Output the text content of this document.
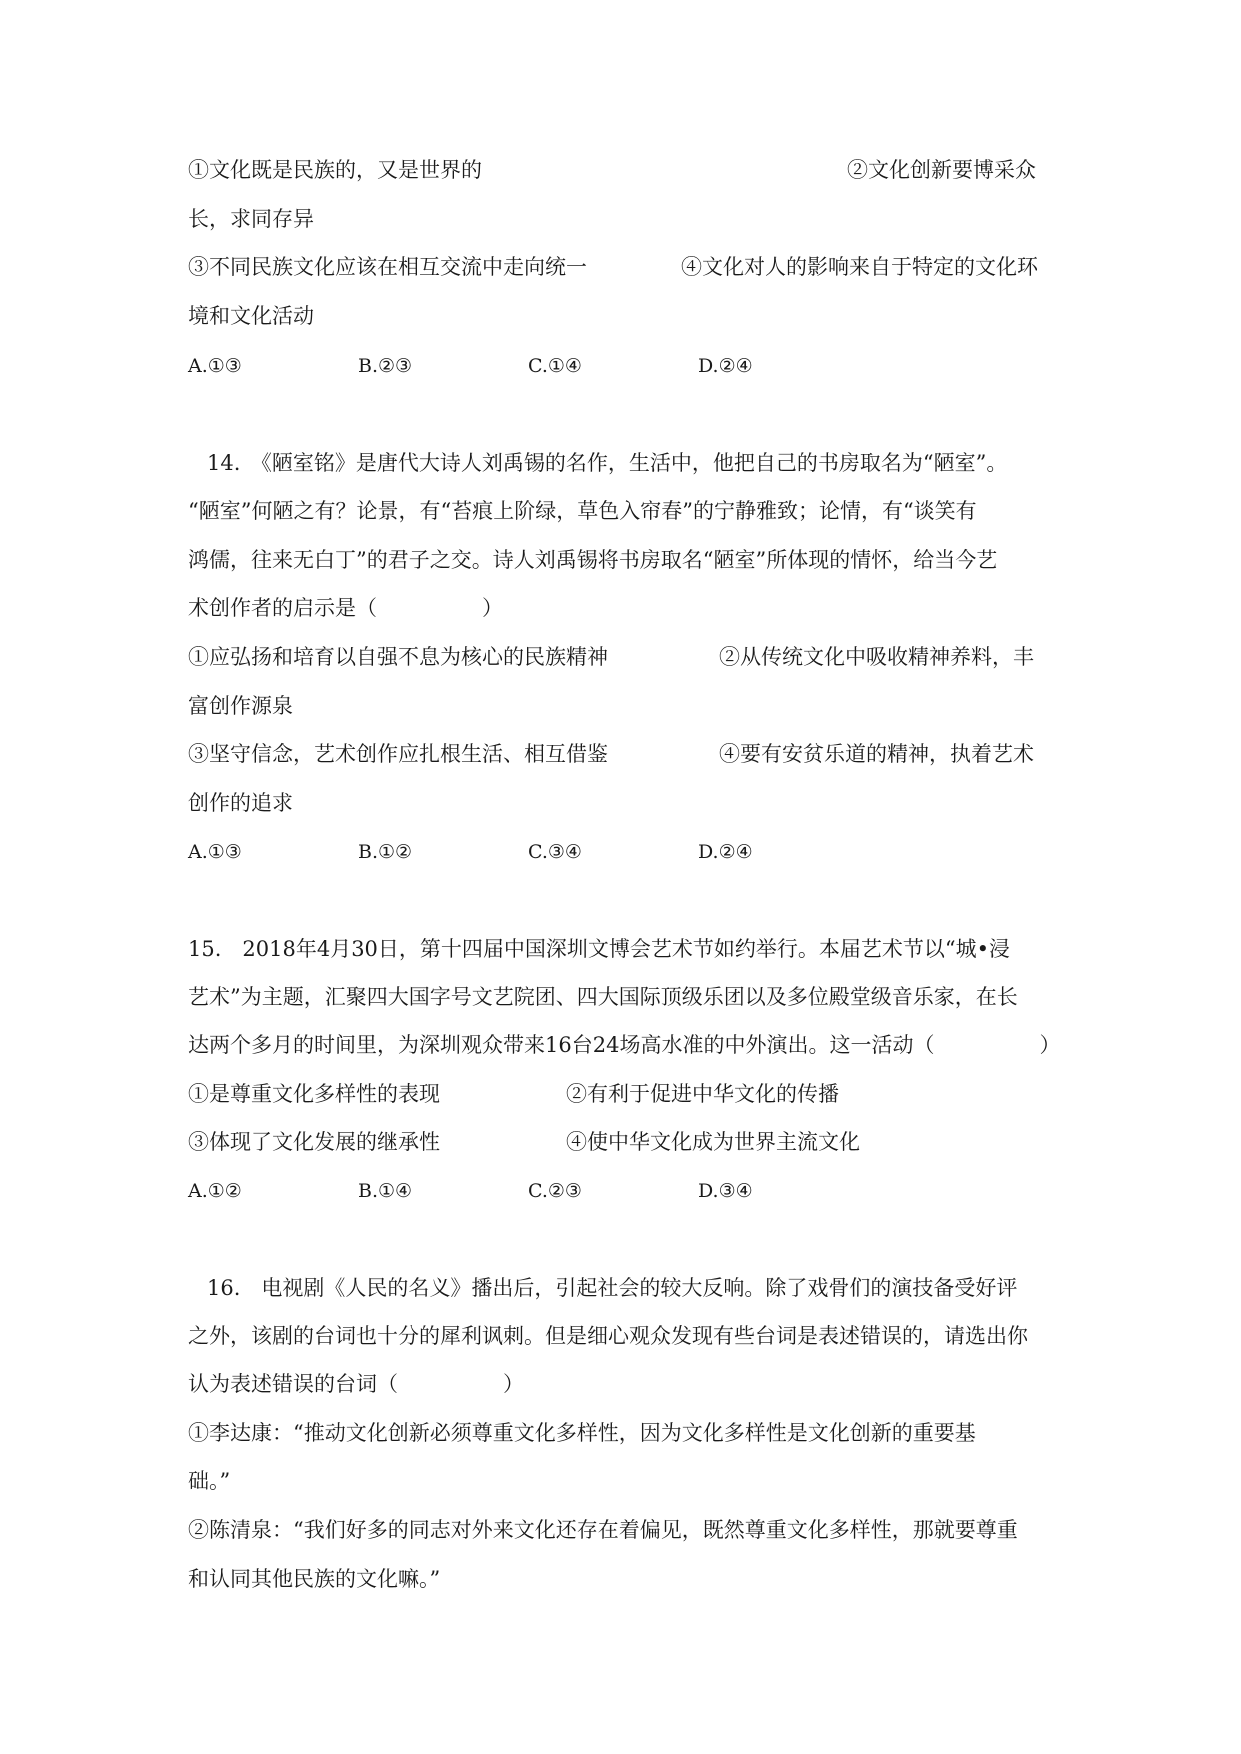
①文化既是民族的，又是世界的	②文化创新要博采众
长，求同存异
③不同民族文化应该在相互交流中走向统一	④文化对人的影响来自于特定的文化环
境和文化活动
A.①③	B.②③	C.①④	D.②④
14.　《陋室铭》是唐代大诗人刘禹锡的名作，生活中，他把自己的书房取名为“陋室”。
“陋室”何陋之有？论景，有“苔痕上阶绿，草色入帘春”的宁静雅致；论情，有“谈笑有
鸿儒，往来无白丁”的君子之交。诗人刘禹锡将书房取名“陋室”所体现的情怀，给当今艺
术创作者的启示是（　　　　　）
①应弘扬和培育以自强不息为核心的民族精神	②从传统文化中吸收精神养料，丰
富创作源泉
③坚守信念，艺术创作应扎根生活、相互借鉴	④要有安贫乐道的精神，执着艺术
创作的追求
A.①③	B.①②	C.③④	D.②④
15.　2018年4月30日，第十四届中国深圳文博会艺术节如约举行。本届艺术节以“城•浸
艺术”为主题，汇聚四大国字号文艺院团、四大国际顶级乐团以及多位殿堂级音乐家，在长
达两个多月的时间里，为深圳观众带来16台24场高水准的中外演出。这一活动（　　　　　）
①是尊重文化多样性的表现	②有利于促进中华文化的传播
③体现了文化发展的继承性	④使中华文化成为世界主流文化
A.①②	B.①④	C.②③	D.③④
16.　电视剧《人民的名义》播出后，引起社会的较大反响。除了戏骨们的演技备受好评
之外，该剧的台词也十分的犀利讽刺。但是细心观众发现有些台词是表述错误的，请选出你
认为表述错误的台词（　　　　　）
①李达康：“推动文化创新必须尊重文化多样性，因为文化多样性是文化创新的重要基
础。”
②陈清泉：“我们好多的同志对外来文化还存在着偏见，既然尊重文化多样性，那就要尊重
和认同其他民族的文化嘛。”
